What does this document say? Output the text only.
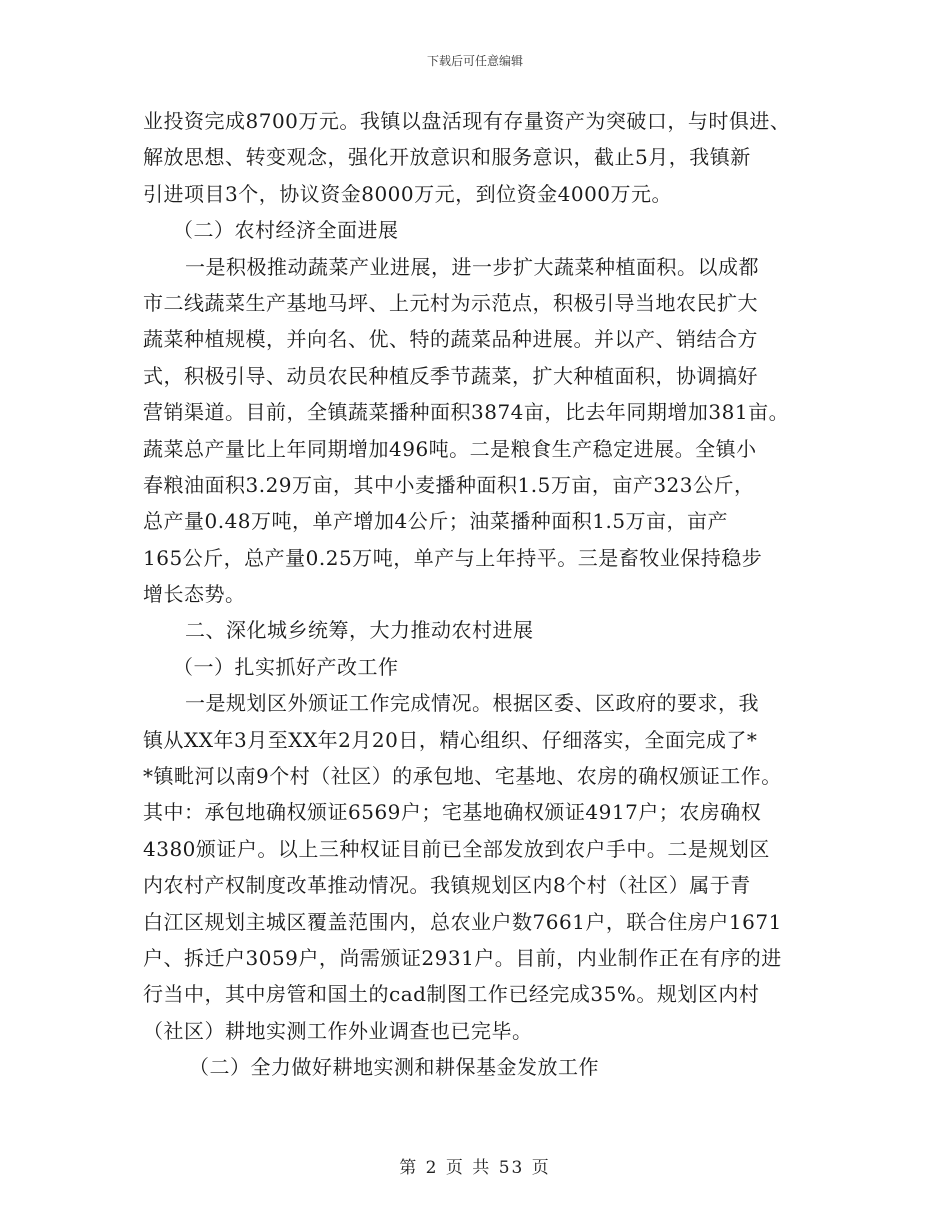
下载后可任意编辑
业投资完成8700万元。我镇以盘活现有存量资产为突破口，与时俱进、
解放思想、转变观念，强化开放意识和服务意识，截止5月，我镇新
引进项目3个，协议资金8000万元，到位资金4000万元。
（二）农村经济全面进展
一是积极推动蔬菜产业进展，进一步扩大蔬菜种植面积。以成都
市二线蔬菜生产基地马坪、上元村为示范点，积极引导当地农民扩大
蔬菜种植规模，并向名、优、特的蔬菜品种进展。并以产、销结合方
式，积极引导、动员农民种植反季节蔬菜，扩大种植面积，协调搞好
营销渠道。目前，全镇蔬菜播种面积3874亩，比去年同期增加381亩。
蔬菜总产量比上年同期增加496吨。二是粮食生产稳定进展。全镇小
春粮油面积3.29万亩，其中小麦播种面积1.5万亩，亩产323公斤，
总产量0.48万吨，单产增加4公斤；油菜播种面积1.5万亩，亩产
165公斤，总产量0.25万吨，单产与上年持平。三是畜牧业保持稳步
增长态势。
二、深化城乡统筹，大力推动农村进展
（一）扎实抓好产改工作
一是规划区外颁证工作完成情况。根据区委、区政府的要求，我
镇从XX年3月至XX年2月20日，精心组织、仔细落实，全面完成了*
*镇毗河以南9个村（社区）的承包地、宅基地、农房的确权颁证工作。
其中：承包地确权颁证6569户；宅基地确权颁证4917户；农房确权
4380颁证户。以上三种权证目前已全部发放到农户手中。二是规划区
内农村产权制度改革推动情况。我镇规划区内8个村（社区）属于青
白江区规划主城区覆盖范围内，总农业户数7661户，联合住房户1671
户、拆迁户3059户，尚需颁证2931户。目前，内业制作正在有序的进
行当中，其中房管和国土的cad制图工作已经完成35%。规划区内村
（社区）耕地实测工作外业调查也已完毕。
（二）全力做好耕地实测和耕保基金发放工作
第 2 页 共 53 页
